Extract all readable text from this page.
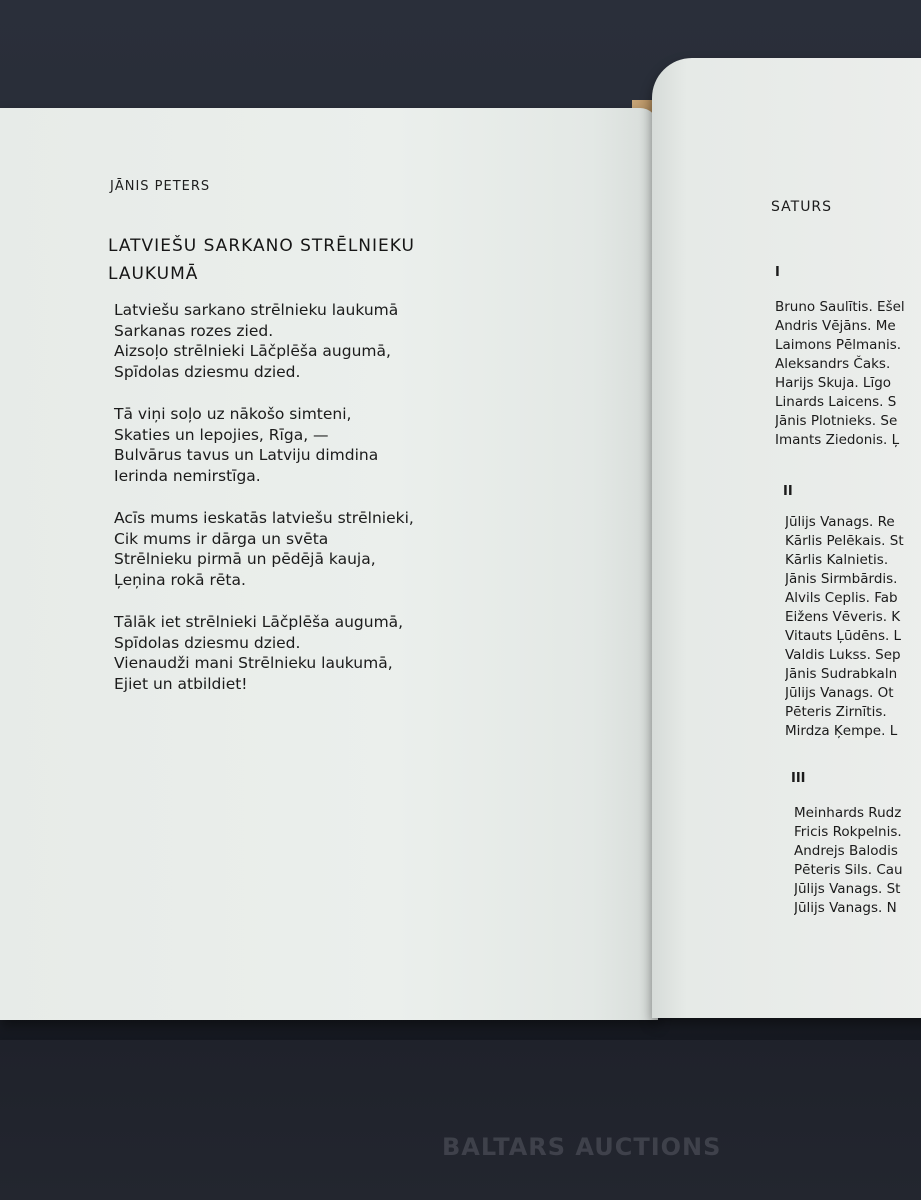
JĀNIS PETERS
LATVIEŠU SARKANO STRĒLNIEKU
LAUKUMĀ
Latviešu sarkano strēlnieku laukumā
Sarkanas rozes zied.
Aizsoļo strēlnieki Lāčplēša augumā,
Spīdolas dziesmu dzied.
Tā viņi soļo uz nākošo simteni,
Skaties un lepojies, Rīga, —
Bulvārus tavus un Latviju dimdina
Ierinda nemirstīga.
Acīs mums ieskatās latviešu strēlnieki,
Cik mums ir dārga un svēta
Strēlnieku pirmā un pēdējā kauja,
Ļeņina rokā rēta.
Tālāk iet strēlnieki Lāčplēša augumā,
Spīdolas dziesmu dzied.
Vienaudži mani Strēlnieku laukumā,
Ejiet un atbildiet!
SATURS
I
Bruno Saulītis. Ešel
Andris Vējāns. Me
Laimons Pēlmanis.
Aleksandrs Čaks.
Harijs Skuja. Līgo
Linards Laicens. S
Jānis Plotnieks. Se
Imants Ziedonis. Ļ
II
Jūlijs Vanags. Re
Kārlis Pelēkais. St
Kārlis Kalnietis.
Jānis Sirmbārdis.
Alvils Ceplis. Fab
Eižens Vēveris. K
Vitauts Ļūdēns. L
Valdis Lukss. Sep
Jānis Sudrabkaln
Jūlijs Vanags. Ot
Pēteris Zirnītis.
Mirdza Ķempe. L
III
Meinhards Rudz
Fricis Rokpelnis.
Andrejs Balodis
Pēteris Sils. Cau
Jūlijs Vanags. St
Jūlijs Vanags. N
BALTARS AUCTIONS
